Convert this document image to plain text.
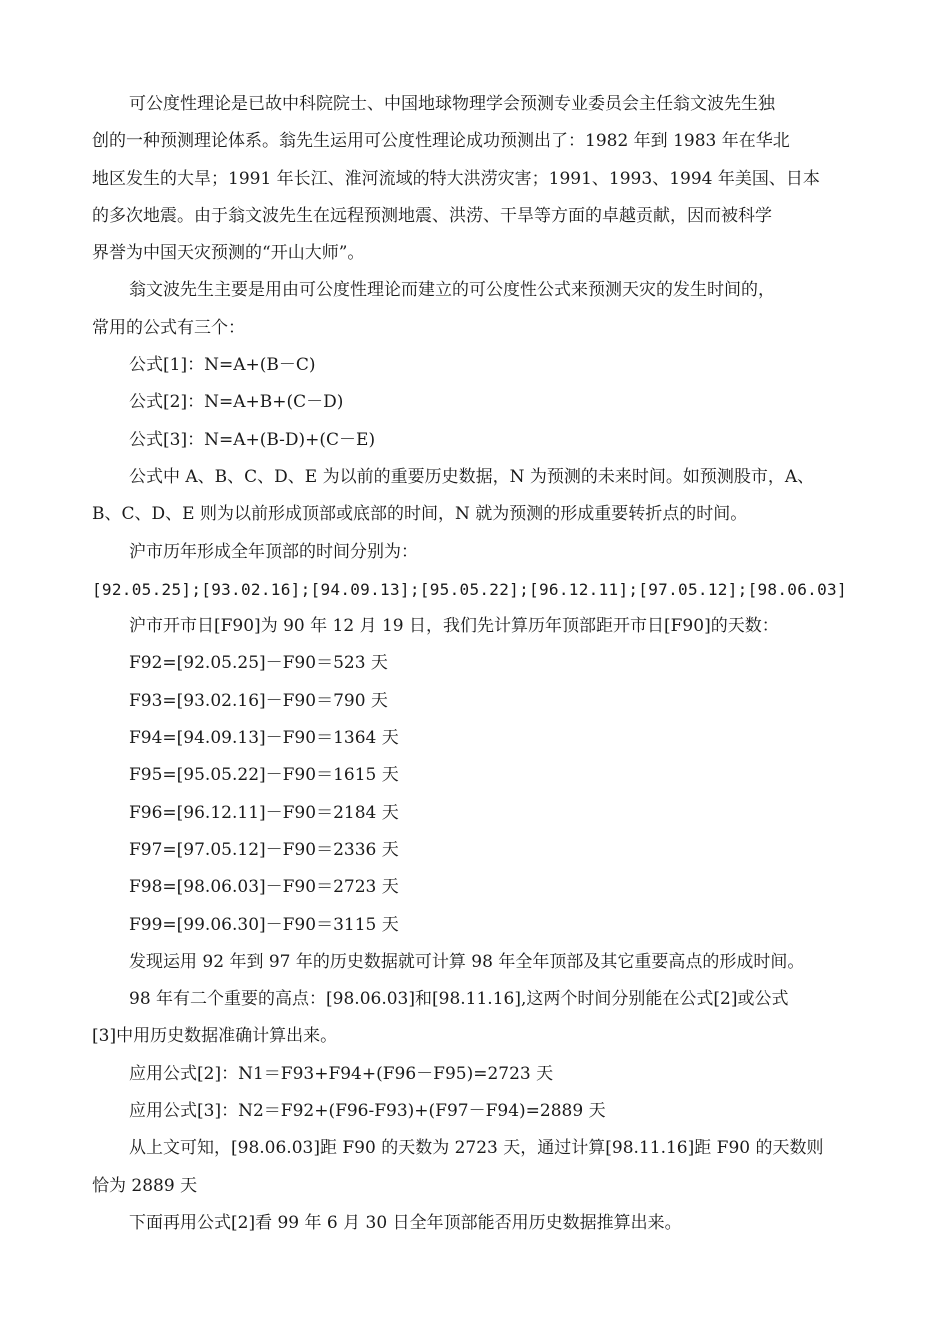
可公度性理论是已故中科院院士、中国地球物理学会预测专业委员会主任翁文波先生独
创的一种预测理论体系。翁先生运用可公度性理论成功预测出了：1982 年到 1983 年在华北
地区发生的大旱；1991 年长江、淮河流域的特大洪涝灾害；1991、1993、1994 年美国、日本
的多次地震。由于翁文波先生在远程预测地震、洪涝、干旱等方面的卓越贡献，因而被科学
界誉为中国天灾预测的“开山大师”。
翁文波先生主要是用由可公度性理论而建立的可公度性公式来预测天灾的发生时间的，
常用的公式有三个：
公式[1]：N=A+(B－C)
公式[2]：N=A+B+(C－D)
公式[3]：N=A+(B-D)+(C－E)
公式中 A、B、C、D、E 为以前的重要历史数据，N 为预测的未来时间。如预测股市，A、
B、C、D、E 则为以前形成顶部或底部的时间，N 就为预测的形成重要转折点的时间。
沪市历年形成全年顶部的时间分别为：
[92.05.25];[93.02.16];[94.09.13];[95.05.22];[96.12.11];[97.05.12];[98.06.03]
沪市开市日[F90]为 90 年 12 月 19 日，我们先计算历年顶部距开市日[F90]的天数：
F92=[92.05.25]－F90＝523 天
F93=[93.02.16]－F90＝790 天
F94=[94.09.13]－F90＝1364 天
F95=[95.05.22]－F90＝1615 天
F96=[96.12.11]－F90＝2184 天
F97=[97.05.12]－F90＝2336 天
F98=[98.06.03]－F90＝2723 天
F99=[99.06.30]－F90＝3115 天
发现运用 92 年到 97 年的历史数据就可计算 98 年全年顶部及其它重要高点的形成时间。
98 年有二个重要的高点：[98.06.03]和[98.11.16],这两个时间分别能在公式[2]或公式
[3]中用历史数据准确计算出来。
应用公式[2]：N1＝F93+F94+(F96－F95)=2723 天
应用公式[3]：N2＝F92+(F96-F93)+(F97－F94)=2889 天
从上文可知，[98.06.03]距 F90 的天数为 2723 天，通过计算[98.11.16]距 F90 的天数则
恰为 2889 天
下面再用公式[2]看 99 年 6 月 30 日全年顶部能否用历史数据推算出来。
